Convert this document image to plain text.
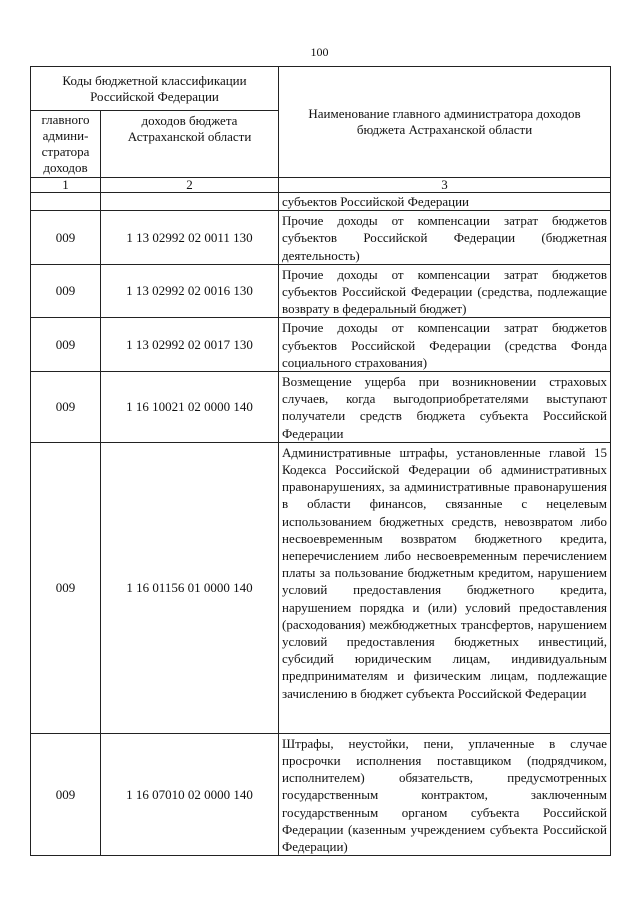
100
Коды бюджетной классификации Российской Федерации		Наименование главного администратора доходов бюджета Астраханской области
главного админи-стратора доходов	доходов бюджета Астраханской области	
1	2	3
		субъектов Российской Федерации
009	1 13 02992 02 0011 130	Прочие доходы от компенсации затрат бюджетов субъектов Российской Федерации (бюджетная деятельность)
009	1 13 02992 02 0016 130	Прочие доходы от компенсации затрат бюджетов субъектов Российской Федерации (средства, подлежащие возврату в федеральный бюджет)
009	1 13 02992 02 0017 130	Прочие доходы от компенсации затрат бюджетов субъектов Российской Федерации (средства Фонда социального страхования)
009	1 16 10021 02 0000 140	Возмещение ущерба при возникновении страховых случаев, когда выгодоприобретателями выступают получатели средств бюджета субъекта Российской Федерации
009	1 16 01156 01 0000 140	Административные штрафы, установленные главой 15 Кодекса Российской Федерации об административных правонарушениях, за административные правонарушения в области финансов, связанные с нецелевым использованием бюджетных средств, невозвратом либо несвоевременным возвратом бюджетного кредита, неперечислением либо несвоевременным перечислением платы за пользование бюджетным кредитом, нарушением условий предоставления бюджетного кредита, нарушением порядка и (или) условий предоставления (расходования) межбюджетных трансфертов, нарушением условий предоставления бюджетных инвестиций, субсидий юридическим лицам, индивидуальным предпринимателям и физическим лицам, подлежащие зачислению в бюджет субъекта Российской Федерации
009	1 16 07010 02 0000 140	Штрафы, неустойки, пени, уплаченные в случае просрочки исполнения поставщиком (подрядчиком, исполнителем) обязательств, предусмотренных государственным контрактом, заключенным государственным органом субъекта Российской Федерации (казенным учреждением субъекта Российской Федерации)
